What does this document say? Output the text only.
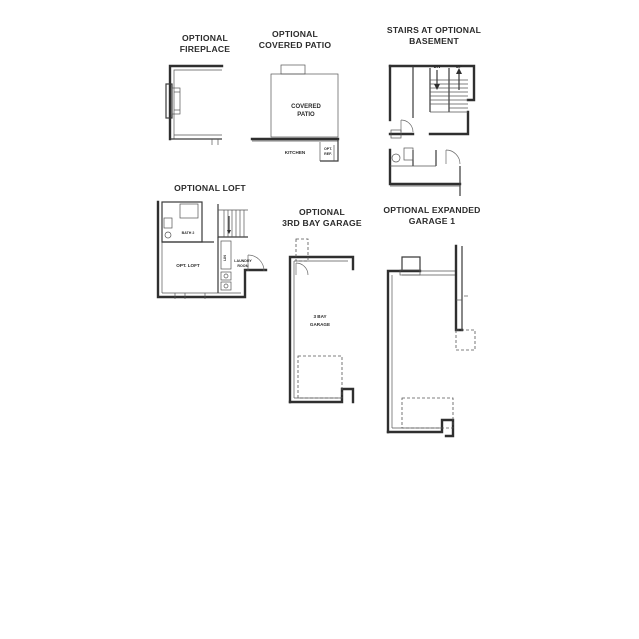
OPTIONAL
FIREPLACE
OPTIONAL
COVERED PATIO
COVERED
PATIO
KITCHEN
OPT.
REF.
STAIRS AT OPTIONAL
BASEMENT
DN	UP
OPTIONAL LOFT
BATH 2
OPT. LOFT
LIN
LAUNDRY
ROOM
OPTIONAL
3RD BAY GARAGE
3 BAY
GARAGE
OPTIONAL EXPANDED
GARAGE 1
